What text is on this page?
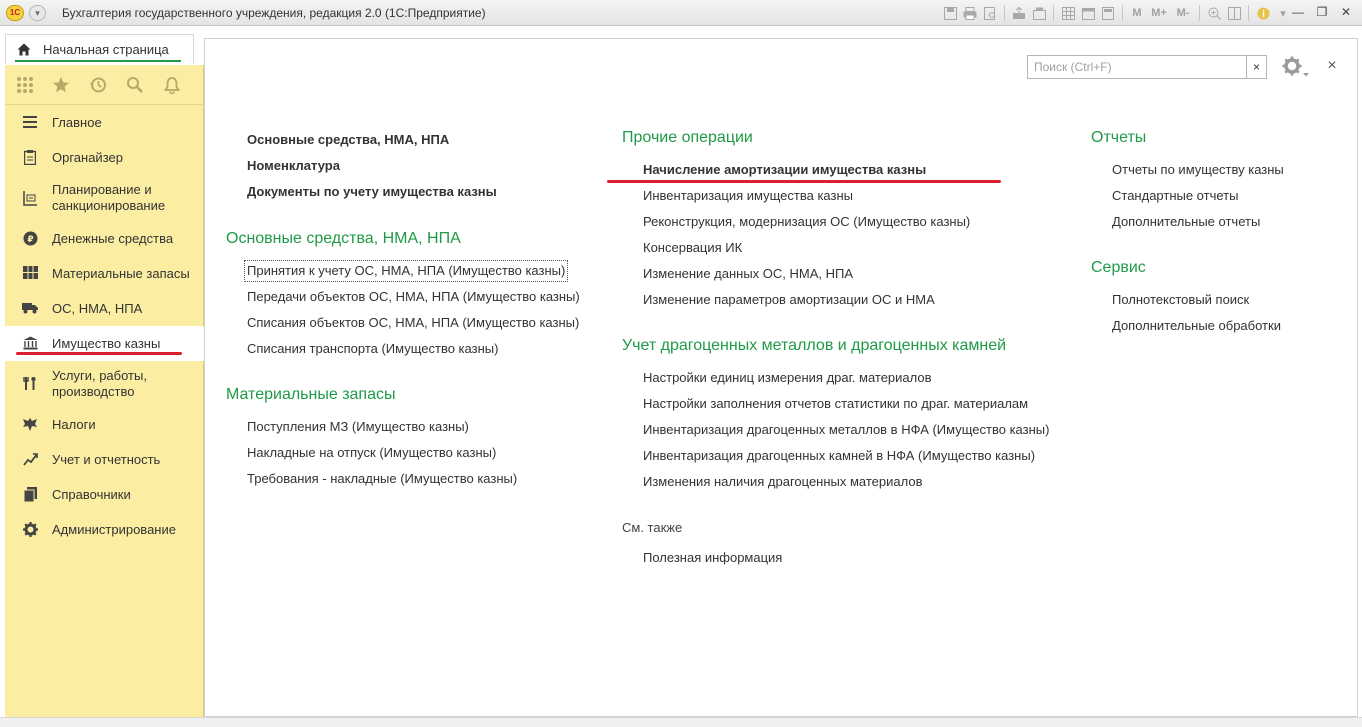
1С	▾	Бухгалтерия государственного учреждения, редакция 2.0 (1С:Предприятие)	M M+ M-	▾ — ❐ ✕
Начальная страница
Главное
Органайзер
Планирование и санкционирование
₽ Денежные средства
Материальные запасы
ОС, НМА, НПА
Имущество казны
Услуги, работы, производство
Налоги
Учет и отчетность
Справочники
Администрирование
Поиск (Ctrl+F)
×	×
Основные средства, НМА, НПА
Номенклатура
Документы по учету имущества казны
Основные средства, НМА, НПА
Принятия к учету ОС, НМА, НПА (Имущество казны)
Передачи объектов ОС, НМА, НПА (Имущество казны)
Списания объектов ОС, НМА, НПА (Имущество казны)
Списания транспорта (Имущество казны)
Материальные запасы
Поступления МЗ (Имущество казны)
Накладные на отпуск (Имущество казны)
Требования - накладные (Имущество казны)
Прочие операции
Начисление амортизации имущества казны
Инвентаризация имущества казны
Реконструкция, модернизация ОС (Имущество казны)
Консервация ИК
Изменение данных ОС, НМА, НПА
Изменение параметров амортизации ОС и НМА
Учет драгоценных металлов и драгоценных камней
Настройки единиц измерения драг. материалов
Настройки заполнения отчетов статистики по драг. материалам
Инвентаризация драгоценных металлов в НФА (Имущество казны)
Инвентаризация драгоценных камней в НФА (Имущество казны)
Изменения наличия драгоценных материалов
См. также
Полезная информация
Отчеты
Отчеты по имуществу казны
Стандартные отчеты
Дополнительные отчеты
Сервис
Полнотекстовый поиск
Дополнительные обработки
